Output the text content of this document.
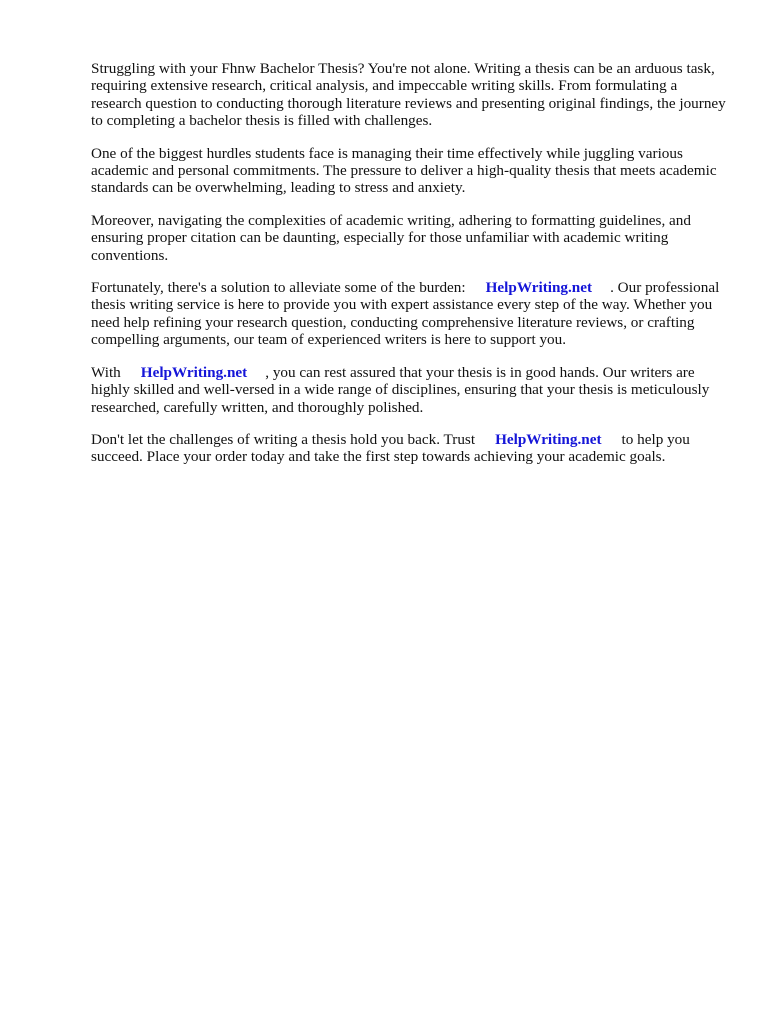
Struggling with your Fhnw Bachelor Thesis? You're not alone. Writing a thesis can be an arduous task, requiring extensive research, critical analysis, and impeccable writing skills. From formulating a research question to conducting thorough literature reviews and presenting original findings, the journey to completing a bachelor thesis is filled with challenges.

One of the biggest hurdles students face is managing their time effectively while juggling various academic and personal commitments. The pressure to deliver a high-quality thesis that meets academic standards can be overwhelming, leading to stress and anxiety.

Moreover, navigating the complexities of academic writing, adhering to formatting guidelines, and ensuring proper citation can be daunting, especially for those unfamiliar with academic writing conventions.

Fortunately, there's a solution to alleviate some of the burden: HelpWriting.net . Our professional thesis writing service is here to provide you with expert assistance every step of the way. Whether you need help refining your research question, conducting comprehensive literature reviews, or crafting compelling arguments, our team of experienced writers is here to support you.

With HelpWriting.net , you can rest assured that your thesis is in good hands. Our writers are highly skilled and well-versed in a wide range of disciplines, ensuring that your thesis is meticulously researched, carefully written, and thoroughly polished.

Don't let the challenges of writing a thesis hold you back. Trust HelpWriting.net to help you succeed. Place your order today and take the first step towards achieving your academic goals.
